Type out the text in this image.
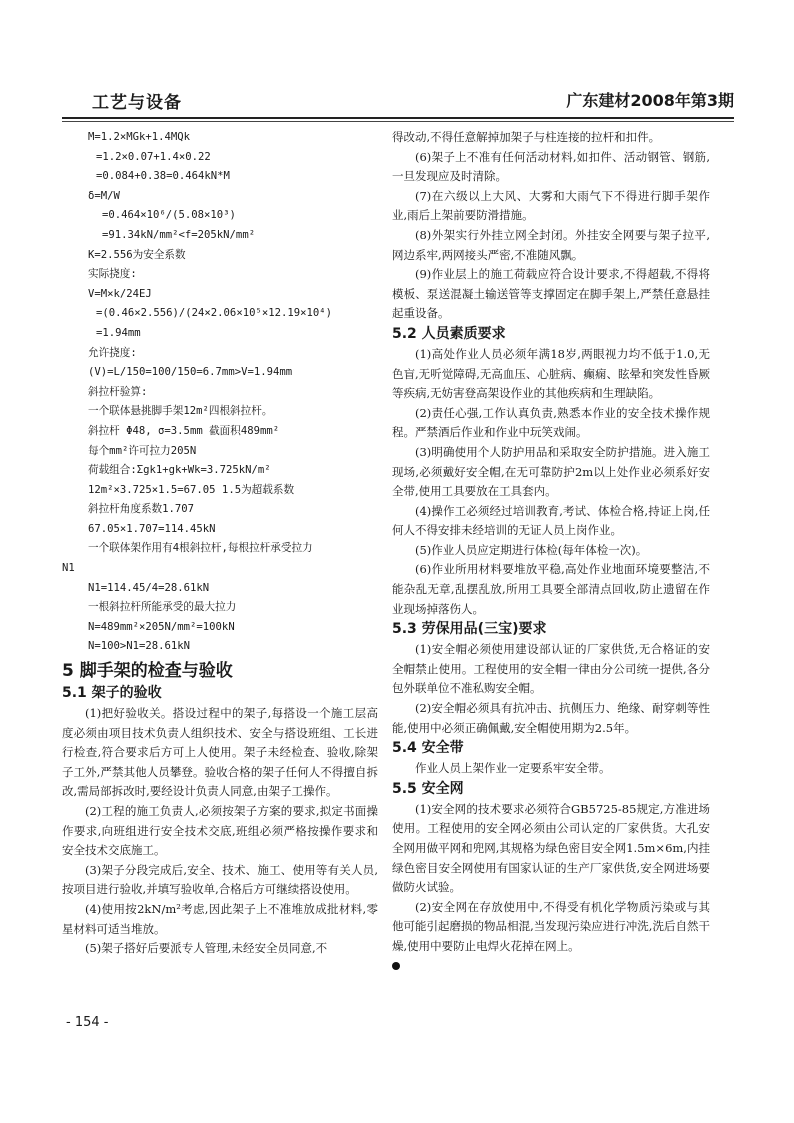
工艺与设备	广东建材2008年第3期
M=1.2×MGk+1.4MQk
=1.2×0.07+1.4×0.22
=0.084+0.38=0.464kN*M
δ=M/W
=0.464×10⁶/(5.08×10³)
=91.34kN/mm²<f=205kN/mm²
K=2.556为安全系数
实际挠度:
V=M×k/24EJ
=(0.46×2.556)/(24×2.06×10⁵×12.19×10⁴)
=1.94mm
允许挠度:
(V)=L/150=100/150=6.7mm>V=1.94mm
斜拉杆验算:
一个联体悬挑脚手架12m²四根斜拉杆。
斜拉杆 Φ48, σ=3.5mm 截面积489mm²
每个mm²许可拉力205N
荷载组合:Σgk1+gk+Wk=3.725kN/m²
12m²×3.725×1.5=67.05 1.5为超载系数
斜拉杆角度系数1.707
67.05×1.707=114.45kN
一个联体架作用有4根斜拉杆,每根拉杆承受拉力
N1
N1=114.45/4=28.61kN
一根斜拉杆所能承受的最大拉力
N=489mm²×205N/mm²=100kN
N=100>N1=28.61kN
5 脚手架的检查与验收
5.1 架子的验收

(1)把好验收关。搭设过程中的架子,每搭设一个施工层高度必须由项目技术负责人组织技术、安全与搭设班组、工长进行检查,符合要求后方可上人使用。架子未经检查、验收,除架子工外,严禁其他人员攀登。验收合格的架子任何人不得擅自拆改,需局部拆改时,要经设计负责人同意,由架子工操作。

(2)工程的施工负责人,必须按架子方案的要求,拟定书面操作要求,向班组进行安全技术交底,班组必须严格按操作要求和安全技术交底施工。

(3)架子分段完成后,安全、技术、施工、使用等有关人员,按项目进行验收,并填写验收单,合格后方可继续搭设使用。

(4)使用按2kN/m²考虑,因此架子上不准堆放成批材料,零星材料可适当堆放。

(5)架子搭好后要派专人管理,未经安全员同意,不

得改动,不得任意解掉加架子与柱连接的拉杆和扣件。

(6)架子上不准有任何活动材料,如扣件、活动钢管、钢筋,一旦发现应及时清除。

(7)在六级以上大风、大雾和大雨气下不得进行脚手架作业,雨后上架前要防滑措施。

(8)外架实行外挂立网全封闭。外挂安全网要与架子拉平,网边系牢,两网接头严密,不准随风飘。

(9)作业层上的施工荷载应符合设计要求,不得超载,不得将模板、泵送混凝土输送管等支撑固定在脚手架上,严禁任意悬挂起重设备。

5.2 人员素质要求

(1)高处作业人员必须年满18岁,两眼视力均不低于1.0,无色盲,无听觉障碍,无高血压、心脏病、癫痫、眩晕和突发性昏厥等疾病,无妨害登高架设作业的其他疾病和生理缺陷。

(2)责任心强,工作认真负责,熟悉本作业的安全技术操作规程。严禁酒后作业和作业中玩笑戏闹。

(3)明确使用个人防护用品和采取安全防护措施。进入施工现场,必须戴好安全帽,在无可靠防护2m以上处作业必须系好安全带,使用工具要放在工具套内。

(4)操作工必须经过培训教育,考试、体检合格,持证上岗,任何人不得安排未经培训的无证人员上岗作业。

(5)作业人员应定期进行体检(每年体检一次)。

(6)作业所用材料要堆放平稳,高处作业地面环境要整洁,不能杂乱无章,乱摆乱放,所用工具要全部清点回收,防止遗留在作业现场掉落伤人。

5.3 劳保用品(三宝)要求

(1)安全帽必须使用建设部认证的厂家供货,无合格证的安全帽禁止使用。工程使用的安全帽一律由分公司统一提供,各分包外联单位不准私购安全帽。

(2)安全帽必须具有抗冲击、抗侧压力、绝缘、耐穿刺等性能,使用中必须正确佩戴,安全帽使用期为2.5年。

5.4 安全带

作业人员上架作业一定要系牢安全带。

5.5 安全网

(1)安全网的技术要求必须符合GB5725-85规定,方准进场使用。工程使用的安全网必须由公司认定的厂家供货。大孔安全网用做平网和兜网,其规格为绿色密目安全网1.5m×6m,内挂绿色密目安全网使用有国家认证的生产厂家供货,安全网进场要做防火试验。

(2)安全网在存放使用中,不得受有机化学物质污染或与其他可能引起磨损的物品相混,当发现污染应进行冲洗,洗后自然干燥,使用中要防止电焊火花掉在网上。

- 154 -
